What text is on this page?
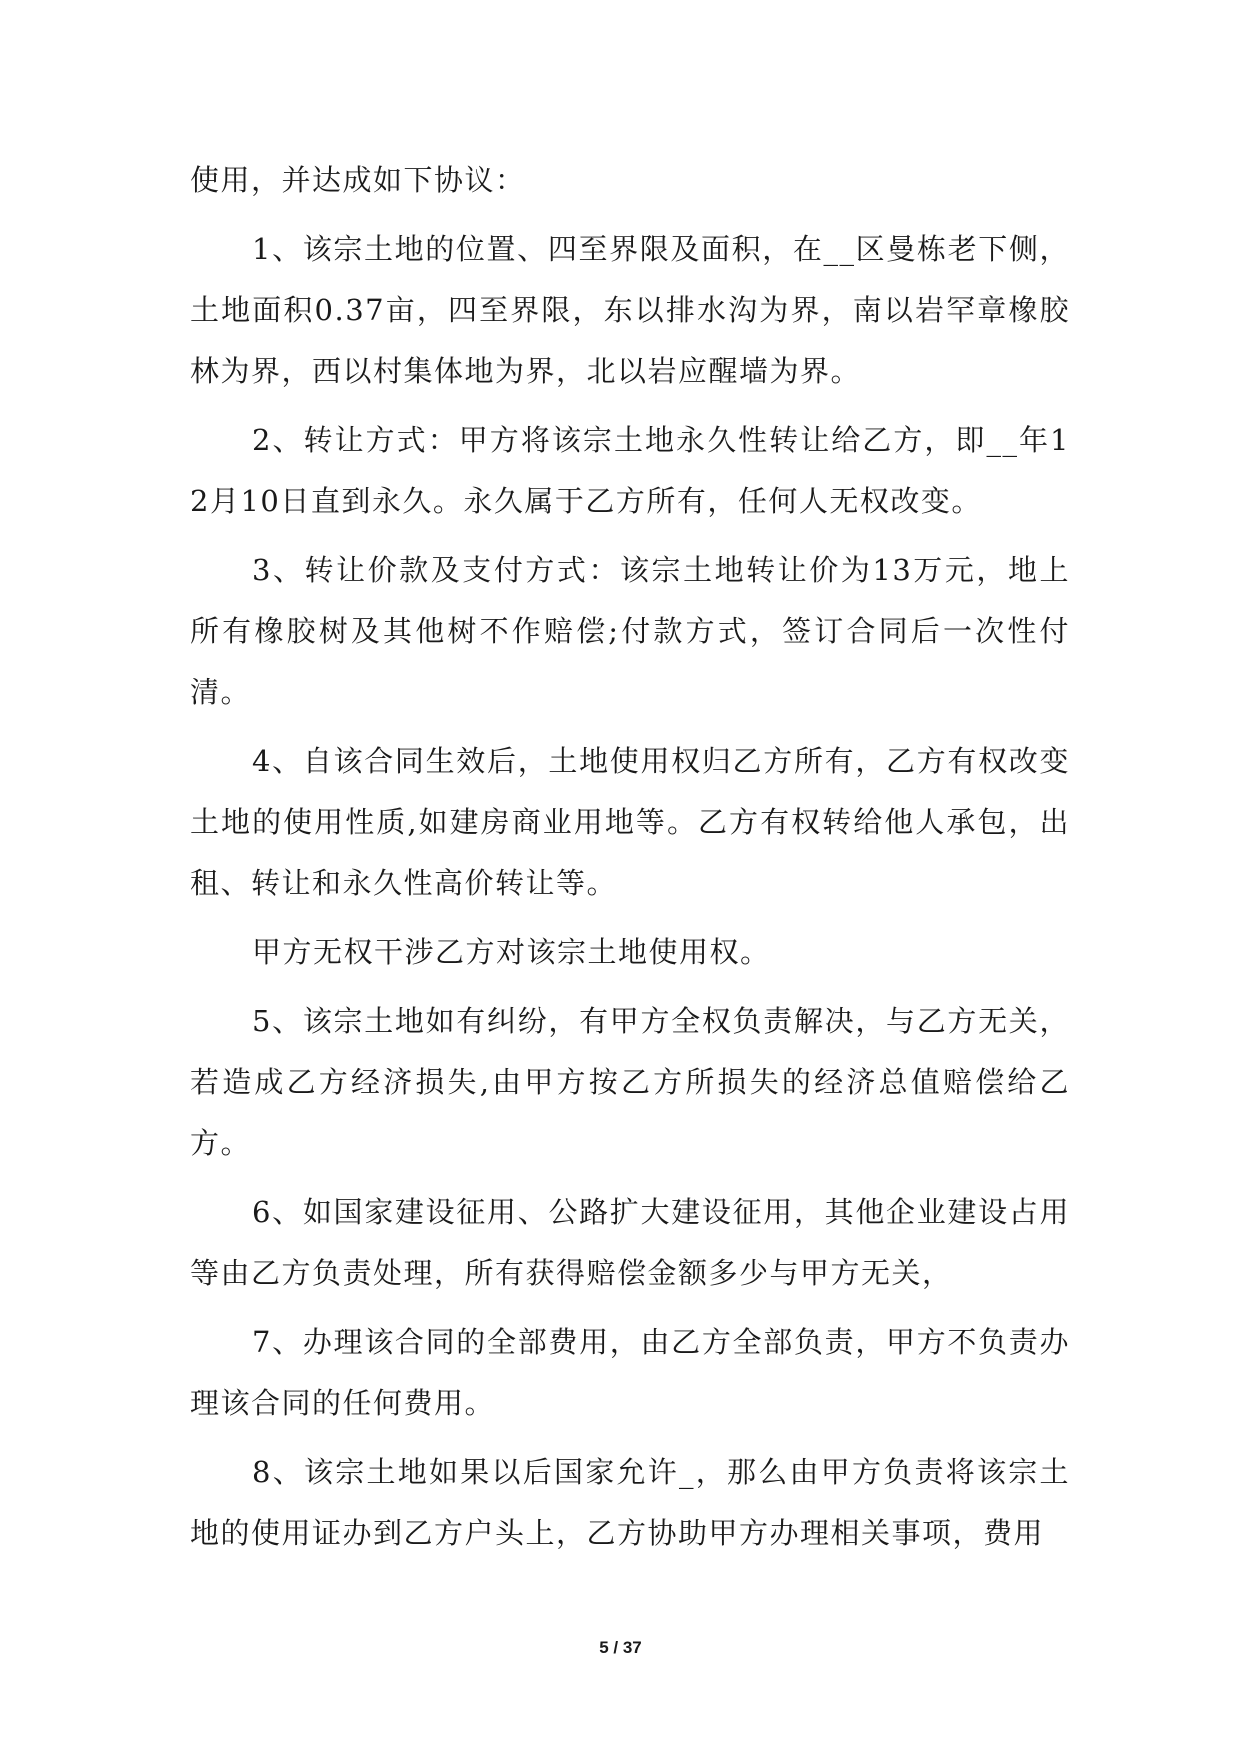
使用，并达成如下协议：

1、该宗土地的位置、四至界限及面积，在__区曼栋老下侧，土地面积0.37亩，四至界限，东以排水沟为界，南以岩罕章橡胶林为界，西以村集体地为界，北以岩应醒墙为界。

2、转让方式：甲方将该宗土地永久性转让给乙方，即__年12月10日直到永久。永久属于乙方所有，任何人无权改变。

3、转让价款及支付方式：该宗土地转让价为13万元，地上所有橡胶树及其他树不作赔偿;付款方式，签订合同后一次性付清。

4、自该合同生效后，土地使用权归乙方所有，乙方有权改变土地的使用性质,如建房商业用地等。乙方有权转给他人承包，出租、转让和永久性高价转让等。

甲方无权干涉乙方对该宗土地使用权。

5、该宗土地如有纠纷，有甲方全权负责解决，与乙方无关，若造成乙方经济损失,由甲方按乙方所损失的经济总值赔偿给乙方。

6、如国家建设征用、公路扩大建设征用，其他企业建设占用等由乙方负责处理，所有获得赔偿金额多少与甲方无关，

7、办理该合同的全部费用，由乙方全部负责，甲方不负责办理该合同的任何费用。

8、该宗土地如果以后国家允许_，那么由甲方负责将该宗土地的使用证办到乙方户头上，乙方协助甲方办理相关事项，费用

5 / 37
